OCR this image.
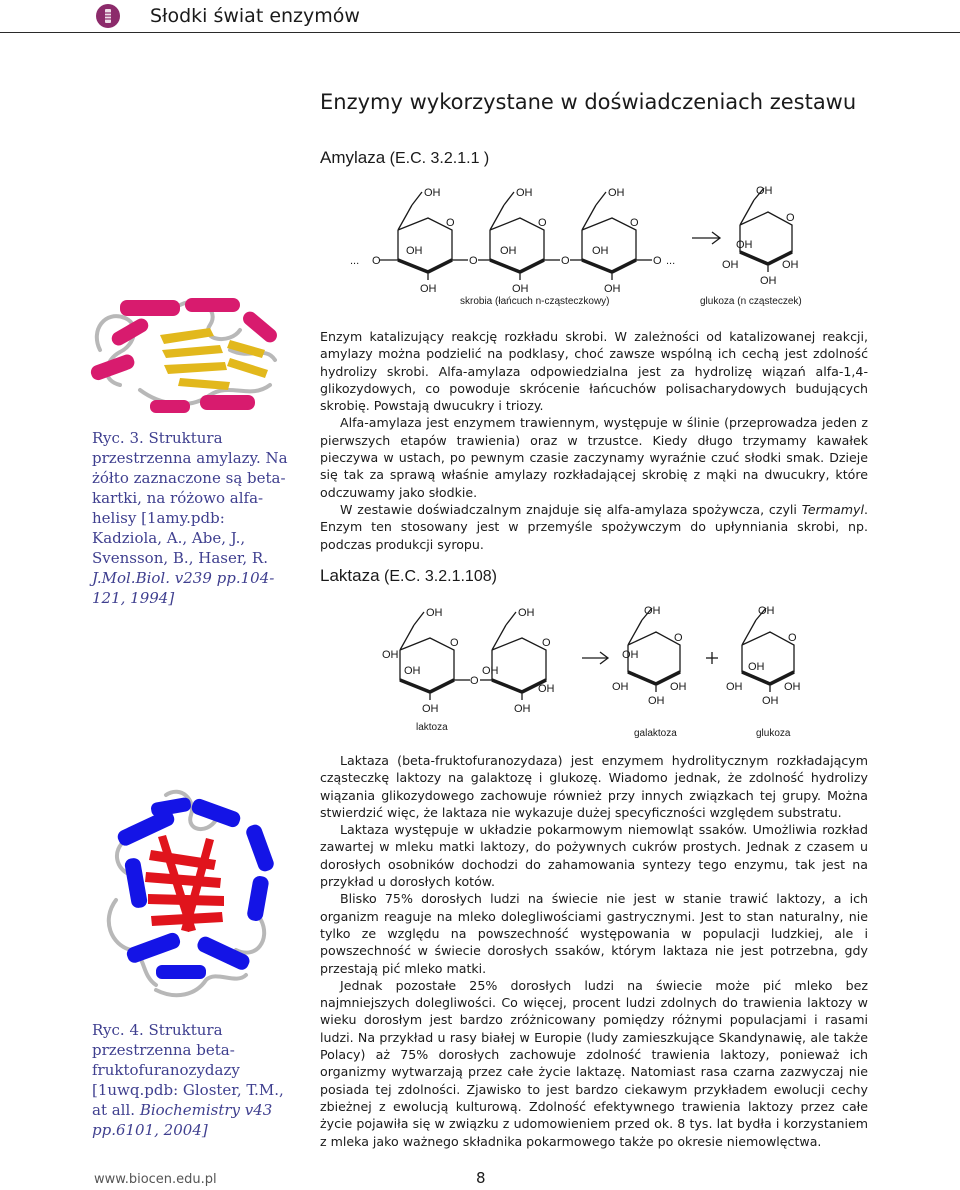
Słodki świat enzymów
Enzymy wykorzystane w doświadczeniach zestawu
Amylaza (E.C. 3.2.1.1 )
... O
OH
O
OH
OH
O
OH
O
OH
OH
O
OH
O
OH
OH
O ...
OH
O
OH
OH	OH
OH
skrobia (łańcuch n-cząsteczkowy)	glukoza (n cząsteczek)
Ryc. 3. Struktura przestrzenna amylazy. Na żółto zaznaczone są beta-kartki, na różowo alfa-helisy [1amy.pdb: Kadziola, A., Abe, J., Svensson, B., Haser, R. J.Mol.Biol. v239 pp.104-121, 1994]

Enzym katalizujący reakcję rozkładu skrobi. W zależności od katalizowanej reakcji, amylazy można podzielić na podklasy, choć zawsze wspólną ich cechą jest zdolność hydrolizy skrobi. Alfa-amylaza odpowiedzialna jest za hydrolizę wiązań alfa-1,4-glikozydowych, co powoduje skrócenie łańcuchów polisacharydowych budujących skrobię. Powstają dwucukry i triozy.

Alfa-amylaza jest enzymem trawiennym, występuje w ślinie (przeprowadza jeden z pierwszych etapów trawienia) oraz w trzustce. Kiedy długo trzymamy kawałek pieczywa w ustach, po pewnym czasie zaczynamy wyraźnie czuć słodki smak. Dzieje się tak za sprawą właśnie amylazy rozkładającej skrobię z mąki na dwucukry, które odczuwamy jako słodkie.

W zestawie doświadczalnym znajduje się alfa-amylaza spożywcza, czyli Termamyl. Enzym ten stosowany jest w przemyśle spożywczym do upłynniania skrobi, np. podczas produkcji syropu.

Laktaza (E.C. 3.2.1.108)
OH
O
OH
OH
OH
O
OH
O
OH
OH
OH
OH
O
OH
OH	OH
OH
OH
O
OH
OH	OH
OH
laktoza
galaktoza	glukoza
Ryc. 4. Struktura przestrzenna beta-fruktofuranozydazy [1uwq.pdb: Gloster, T.M., at all. Biochemistry v43 pp.6101, 2004]

Laktaza (beta-fruktofuranozydaza) jest enzymem hydrolitycznym rozkładającym cząsteczkę laktozy na galaktozę i glukozę. Wiadomo jednak, że zdolność hydrolizy wiązania glikozydowego zachowuje również przy innych związkach tej grupy. Można stwierdzić więc, że laktaza nie wykazuje dużej specyficzności względem substratu.

Laktaza występuje w układzie pokarmowym niemowląt ssaków. Umożliwia rozkład zawartej w mleku matki laktozy, do pożywnych cukrów prostych. Jednak z czasem u dorosłych osobników dochodzi do zahamowania syntezy tego enzymu, tak jest na przykład u dorosłych kotów.

Blisko 75% dorosłych ludzi na świecie nie jest w stanie trawić laktozy, a ich organizm reaguje na mleko dolegliwościami gastrycznymi. Jest to stan naturalny, nie tylko ze względu na powszechność występowania w populacji ludzkiej, ale i powszechność w świecie dorosłych ssaków, którym laktaza nie jest potrzebna, gdy przestają pić mleko matki.

Jednak pozostałe 25% dorosłych ludzi na świecie może pić mleko bez najmniejszych dolegliwości. Co więcej, procent ludzi zdolnych do trawienia laktozy w wieku dorosłym jest bardzo zróżnicowany pomiędzy różnymi populacjami i rasami ludzi. Na przykład u rasy białej w Europie (ludy zamieszkujące Skandynawię, ale także Polacy) aż 75% dorosłych zachowuje zdolność trawienia laktozy, ponieważ ich organizmy wytwarzają przez całe życie laktazę. Natomiast rasa czarna zazwyczaj nie posiada tej zdolności. Zjawisko to jest bardzo ciekawym przykładem ewolucji cechy zbieżnej z ewolucją kulturową. Zdolność efektywnego trawienia laktozy przez całe życie pojawiła się w związku z udomowieniem przed ok. 8 tys. lat bydła i korzystaniem z mleka jako ważnego składnika pokarmowego także po okresie niemowlęctwa.

www.biocen.edu.pl	8
